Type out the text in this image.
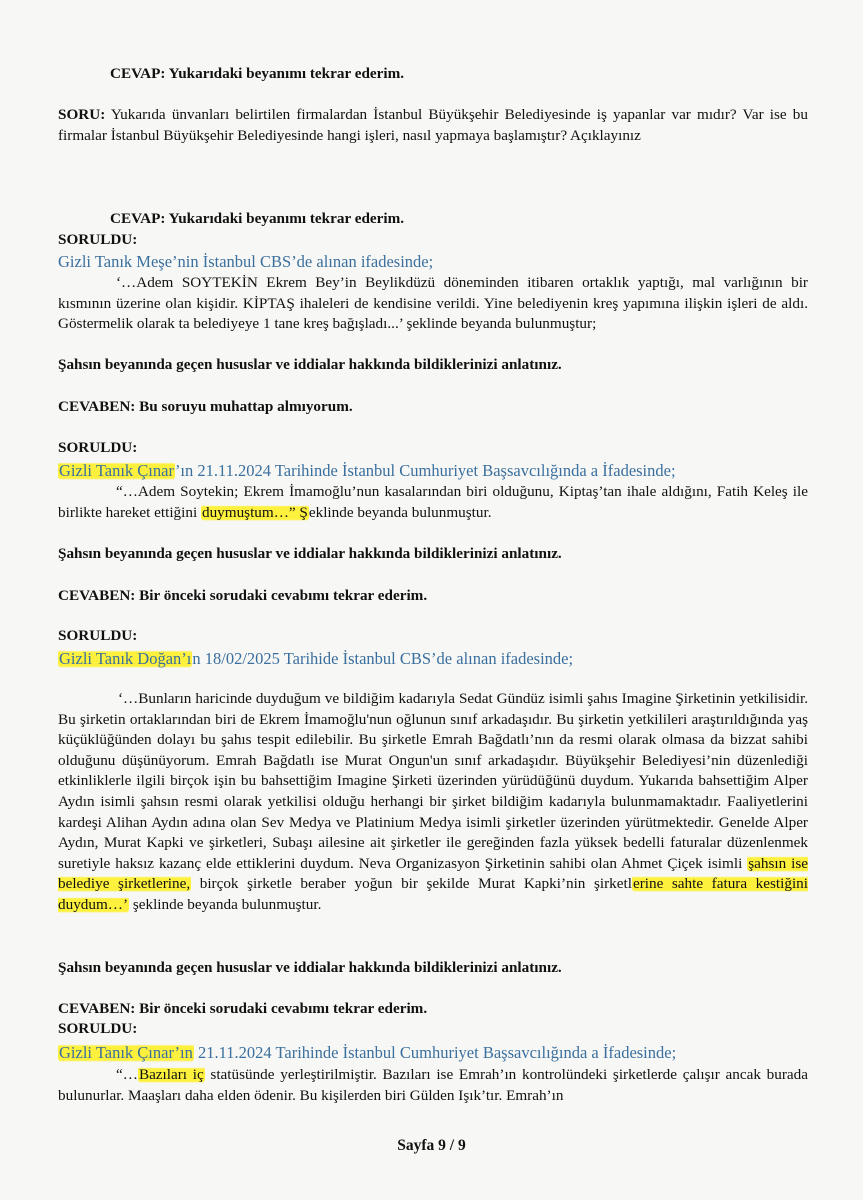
CEVAP: Yukarıdaki beyanımı tekrar ederim.

SORU: Yukarıda ünvanları belirtilen firmalardan İstanbul Büyükşehir Belediyesinde iş yapanlar var mıdır? Var ise bu firmalar İstanbul Büyükşehir Belediyesinde hangi işleri, nasıl yapmaya başlamıştır? Açıklayınız

CEVAP: Yukarıdaki beyanımı tekrar ederim.

SORULDU:

Gizli Tanık Meşe’nin İstanbul CBS’de alınan ifadesinde;

‘…Adem SOYTEKİN Ekrem Bey’in Beylikdüzü döneminden itibaren ortaklık yaptığı, mal varlığının bir kısmının üzerine olan kişidir. KİPTAŞ ihaleleri de kendisine verildi. Yine belediyenin kreş yapımına ilişkin işleri de aldı. Göstermelik olarak ta belediyeye 1 tane kreş bağışladı...’ şeklinde beyanda bulunmuştur;

Şahsın beyanında geçen hususlar ve iddialar hakkında bildiklerinizi anlatınız.

CEVABEN: Bu soruyu muhattap almıyorum.

SORULDU:

Gizli Tanık Çınar’ın 21.11.2024 Tarihinde İstanbul Cumhuriyet Başsavcılığında a İfadesinde;

“…Adem Soytekin; Ekrem İmamoğlu’nun kasalarından biri olduğunu, Kiptaş’tan ihale aldığını, Fatih Keleş ile birlikte hareket ettiğini duymuştum…” Şeklinde beyanda bulunmuştur.

Şahsın beyanında geçen hususlar ve iddialar hakkında bildiklerinizi anlatınız.

CEVABEN: Bir önceki sorudaki cevabımı tekrar ederim.

SORULDU:

Gizli Tanık Doğan’ın 18/02/2025 Tarihide İstanbul CBS’de alınan ifadesinde;

‘…Bunların haricinde duyduğum ve bildiğim kadarıyla Sedat Gündüz isimli şahıs Imagine Şirketinin yetkilisidir. Bu şirketin ortaklarından biri de Ekrem İmamoğlu'nun oğlunun sınıf arkadaşıdır. Bu şirketin yetkilileri araştırıldığında yaş küçüklüğünden dolayı bu şahıs tespit edilebilir. Bu şirketle Emrah Bağdatlı’nın da resmi olarak olmasa da bizzat sahibi olduğunu düşünüyorum. Emrah Bağdatlı ise Murat Ongun'un sınıf arkadaşıdır. Büyükşehir Belediyesi’nin düzenlediği etkinliklerle ilgili birçok işin bu bahsettiğim Imagine Şirketi üzerinden yürüdüğünü duydum. Yukarıda bahsettiğim Alper Aydın isimli şahsın resmi olarak yetkilisi olduğu herhangi bir şirket bildiğim kadarıyla bulunmamaktadır. Faaliyetlerini kardeşi Alihan Aydın adına olan Sev Medya ve Platinium Medya isimli şirketler üzerinden yürütmektedir. Genelde Alper Aydın, Murat Kapki ve şirketleri, Subaşı ailesine ait şirketler ile gereğinden fazla yüksek bedelli faturalar düzenlenmek suretiyle haksız kazanç elde ettiklerini duydum. Neva Organizasyon Şirketinin sahibi olan Ahmet Çiçek isimli şahsın ise belediye şirketlerine, birçok şirketle beraber yoğun bir şekilde Murat Kapki’nin şirketlerine sahte fatura kestiğini duydum…’ şeklinde beyanda bulunmuştur.

Şahsın beyanında geçen hususlar ve iddialar hakkında bildiklerinizi anlatınız.

CEVABEN: Bir önceki sorudaki cevabımı tekrar ederim.

SORULDU:

Gizli Tanık Çınar’ın 21.11.2024 Tarihinde İstanbul Cumhuriyet Başsavcılığında a İfadesinde;

“…Bazıları iç statüsünde yerleştirilmiştir. Bazıları ise Emrah’ın kontrolündeki şirketlerde çalışır ancak burada bulunurlar. Maaşları daha elden ödenir. Bu kişilerden biri Gülden Işık’tır. Emrah’ın

Sayfa 9 / 9
